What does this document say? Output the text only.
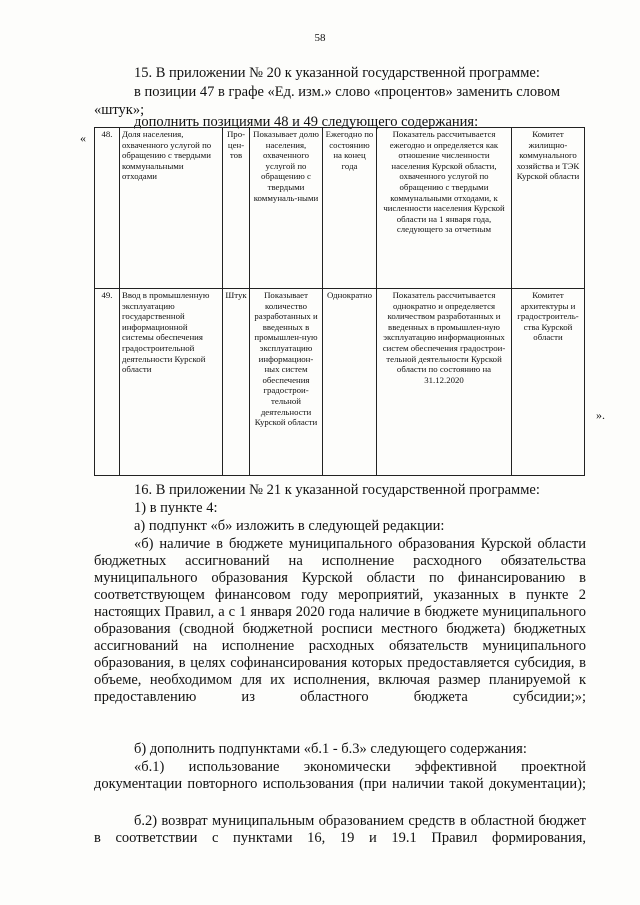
58
15. В приложении № 20 к указанной государственной программе:
в позиции 47 в графе «Ед. изм.» слово «процентов» заменить словом
«штук»;
дополнить позициями 48 и 49 следующего содержания:
«	48.	Доля населения, охваченного услугой по обращению с твердыми коммунальными отходами	Про-цен-тов	Показывает долю населения, охваченного услугой по обращению с твердыми коммуналь-ными	Ежегодно по состоянию на конец года	Показатель рассчитывается ежегодно и определяется как отношение численности населения Курской области, охваченного услугой по обращению с твердыми коммунальными отходами, к численности населения Курской области на 1 января года, следующего за отчетным	Комитет жилищно-коммунального хозяйства и ТЭК Курской области

49.	Ввод в промышленную эксплуатацию государственной информационной системы обеспечения градостроительной деятельности Курской области	Штук	Показывает количество разработанных и введенных в промышлен-ную эксплуатацию информацион-ных систем обеспечения градострои-тельной деятельности Курской области	Однократно	Показатель рассчитывается однократно и определяется количеством разработанных и введенных в промышлен-ную эксплуатацию информационных систем обеспечения градострои-тельной деятельности Курской области по состоянию на 31.12.2020	Комитет архитектуры и градостроитель-ства Курской области
».
16. В приложении № 21 к указанной государственной программе:
1) в пункте 4:
а) подпункт «б» изложить в следующей редакции:
«б) наличие в бюджете муниципального образования Курской области бюджетных ассигнований на исполнение расходного обязательства муниципального образования Курской области по финансированию в соответствующем финансовом году мероприятий, указанных в пункте 2 настоящих Правил, а с 1 января 2020 года наличие в бюджете муниципального образования (сводной бюджетной росписи местного бюджета) бюджетных ассигнований на исполнение расходных обязательств муниципального образования, в целях софинансирования которых предоставляется субсидия, в объеме, необходимом для их исполнения, включая размер планируемой к предоставлению из областного бюджета субсидии;»;
б) дополнить подпунктами «б.1 - б.3» следующего содержания:
«б.1) использование экономически эффективной проектной документации повторного использования (при наличии такой документации);
б.2) возврат муниципальным образованием средств в областной бюджет в соответствии с пунктами 16, 19 и 19.1 Правил формирования,
